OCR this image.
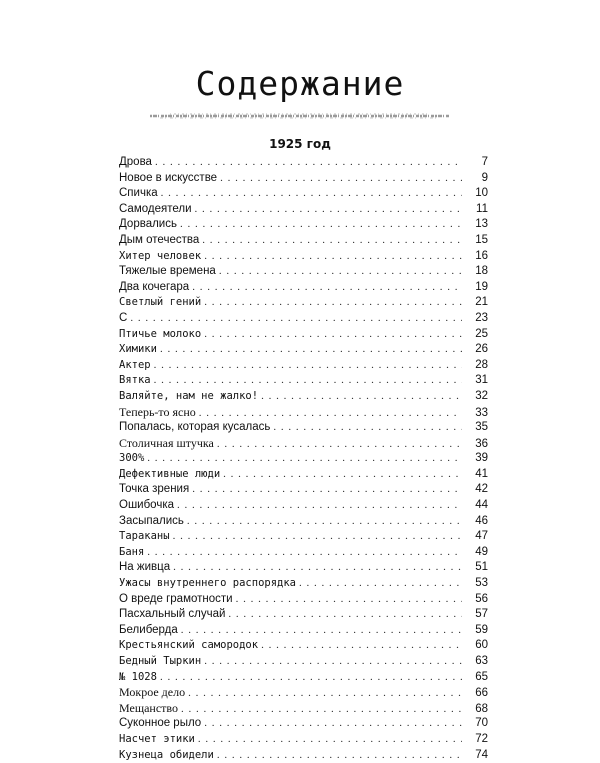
Содержание
1925 год
Дрова . . .	7
Новое в искусстве . . .	9
Спичка . . .	10
Самодеятели . . .	11
Дорвались . . .	13
Дым отечества . . .	15
Хитер человек . . .	16
Тяжелые времена . . .	18
Два кочегара . . .	19
Светлый гений . . .	21
С . . .	23
Птичье молоко . . .	25
Химики . . .	26
Актер . . .	28
Вятка . . .	31
Валяйте, нам не жалко! . . .	32
Теперь-то ясно . . .	33
Попалась, которая кусалась . . .	35
Столичная штучка . . .	36
300% . . .	39
Дефективные люди . . .	41
Точка зрения . . .	42
Ошибочка . . .	44
Засыпались . . .	46
Тараканы . . .	47
Баня . . .	49
На живца . . .	51
Ужасы внутреннего распорядка . . .	53
О вреде грамотности . . .	56
Пасхальный случай . . .	57
Белиберда . . .	59
Крестьянский самородок . . .	60
Бедный Тыркин . . .	63
№ 1028 . . .	65
Мокрое дело . . .	66
Мещанство . . .	68
Суконное рыло . . .	70
Насчет этики . . .	72
Кузнеца обидели . . .	74
